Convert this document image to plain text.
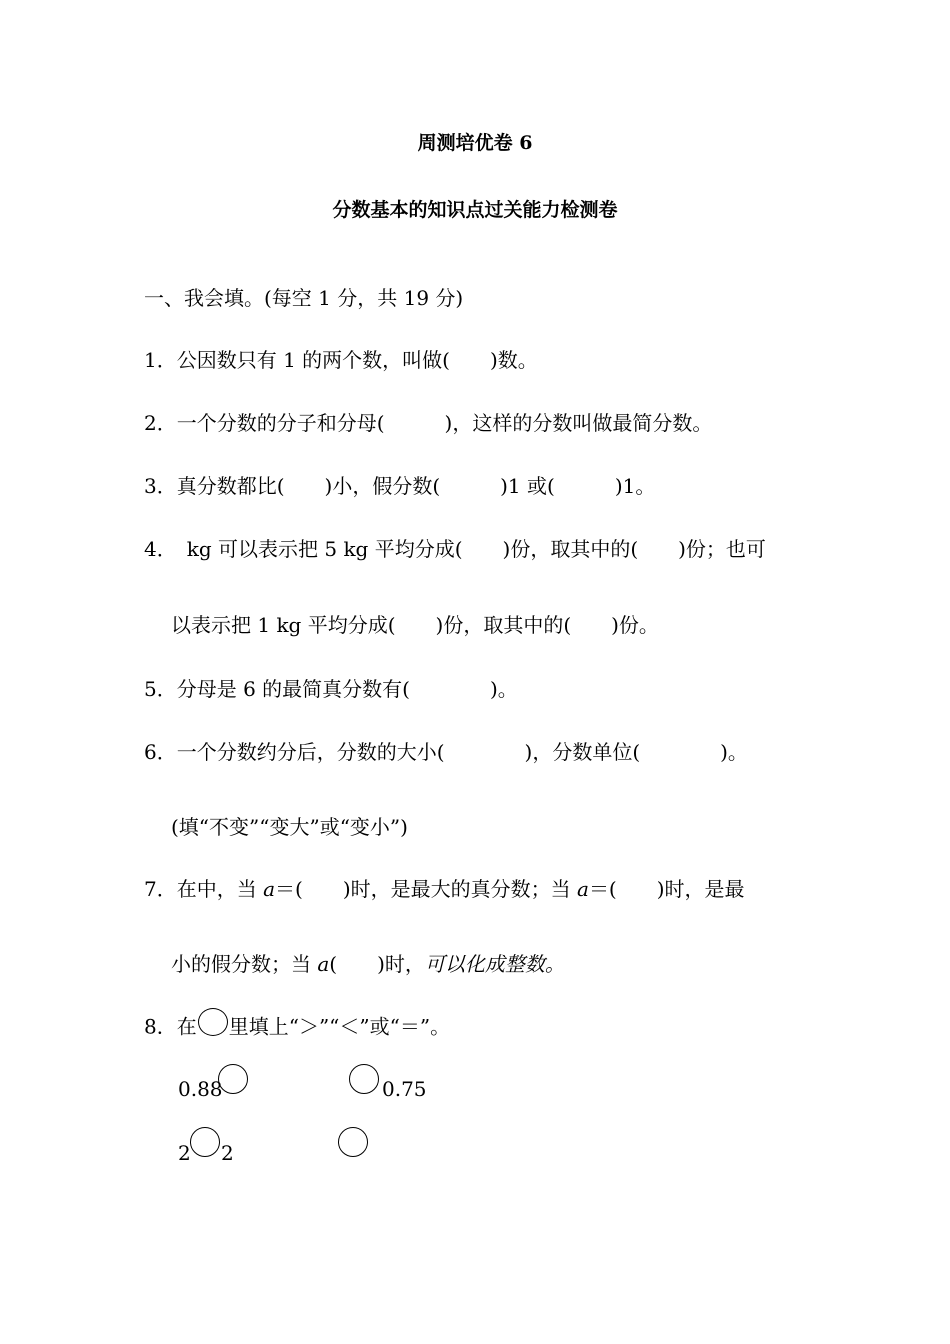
周测培优卷 6
分数基本的知识点过关能力检测卷
一、我会填。(每空 1 分，共 19 分)
1．公因数只有 1 的两个数，叫做(　　)数。
2．一个分数的分子和分母(　　　)，这样的分数叫做最简分数。
3．真分数都比(　　)小，假分数(　　　)1 或(　　　)1。
4．　kg 可以表示把 5 kg 平均分成(　　)份，取其中的(　　)份；也可
以表示把 1 kg 平均分成(　　)份，取其中的(　　)份。
5．分母是 6 的最简真分数有(　　　　)。
6．一个分数约分后，分数的大小(　　　　)，分数单位(　　　　)。
(填“不变”“变大”或“变小”)
7．在中，当 a＝(　　)时，是最大的真分数；当 a＝(　　)时，是最
小的假分数；当 a(　　)时，可以化成整数。
8．在 里填上“＞”“＜”或“＝”。
0.88	0.75
2 2
